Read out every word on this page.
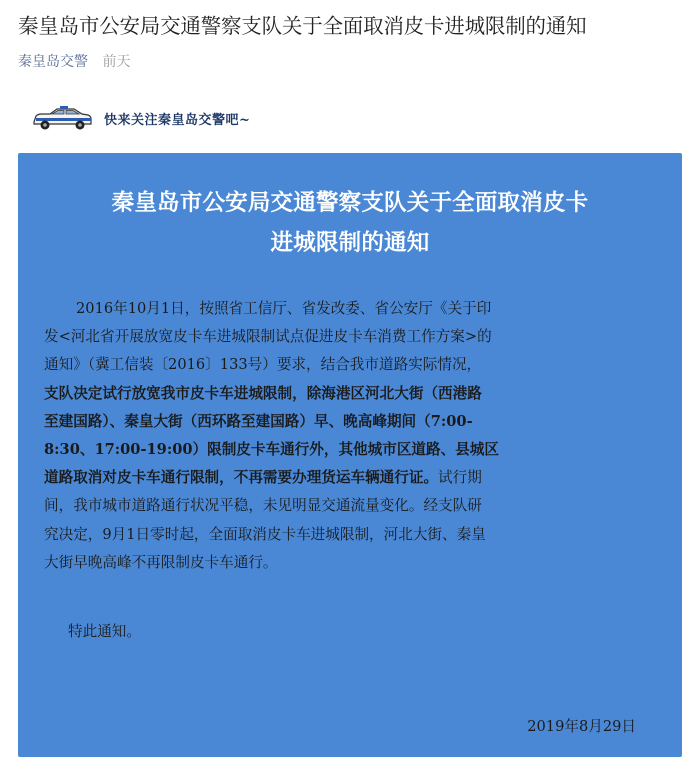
秦皇岛市公安局交通警察支队关于全面取消皮卡进城限制的通知
秦皇岛交警 前天
快来关注秦皇岛交警吧~
秦皇岛市公安局交通警察支队关于全面取消皮卡
进城限制的通知
2016年10月1日，按照省工信厅、省发改委、省公安厅《关于印
发<河北省开展放宽皮卡车进城限制试点促进皮卡车消费工作方案>的
通知》（冀工信装〔2016〕133号）要求，结合我市道路实际情况，
支队决定试行放宽我市皮卡车进城限制，除海港区河北大街（西港路
至建国路）、秦皇大街（西环路至建国路）早、晚高峰期间（7:00-
8:30、17:00-19:00）限制皮卡车通行外，其他城市区道路、县城区
道路取消对皮卡车通行限制，不再需要办理货运车辆通行证。试行期
间，我市城市道路通行状况平稳，未见明显交通流量变化。经支队研
究决定，9月1日零时起，全面取消皮卡车进城限制，河北大街、秦皇
大街早晚高峰不再限制皮卡车通行。
特此通知。
2019年8月29日
